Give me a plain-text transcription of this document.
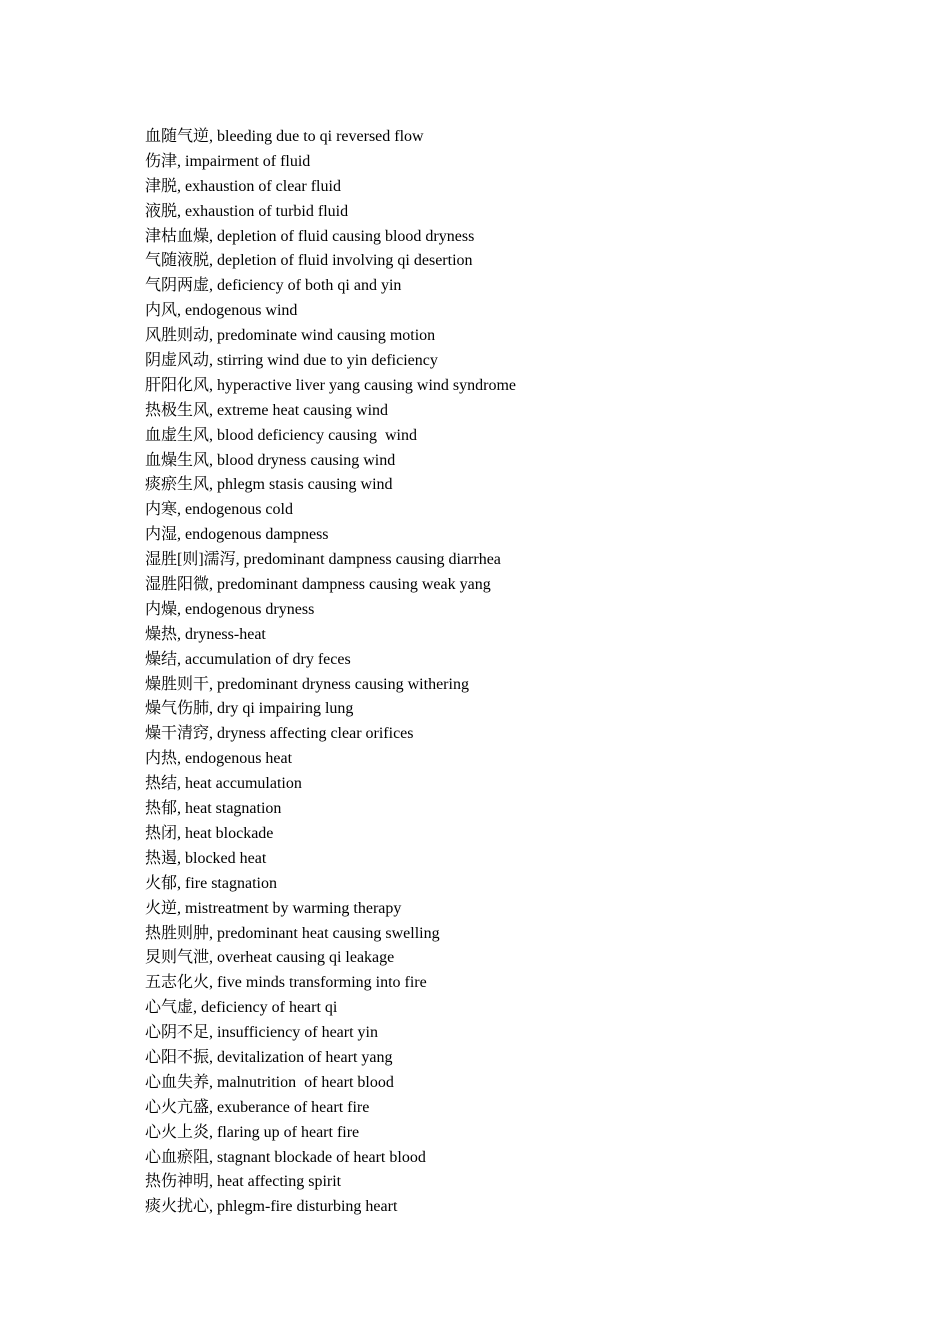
血随气逆, bleeding due to qi reversed flow
伤津, impairment of fluid
津脱, exhaustion of clear fluid
液脱, exhaustion of turbid fluid
津枯血燥, depletion of fluid causing blood dryness
气随液脱, depletion of fluid involving qi desertion
气阴两虚, deficiency of both qi and yin
内风, endogenous wind
风胜则动, predominate wind causing motion
阴虚风动, stirring wind due to yin deficiency
肝阳化风, hyperactive liver yang causing wind syndrome
热极生风, extreme heat causing wind
血虚生风, blood deficiency causing  wind
血燥生风, blood dryness causing wind
痰瘀生风, phlegm stasis causing wind
内寒, endogenous cold
内湿, endogenous dampness
湿胜[则]濡泻, predominant dampness causing diarrhea
湿胜阳微, predominant dampness causing weak yang
内燥, endogenous dryness
燥热, dryness-heat
燥结, accumulation of dry feces
燥胜则干, predominant dryness causing withering
燥气伤肺, dry qi impairing lung
燥干清窍, dryness affecting clear orifices
内热, endogenous heat
热结, heat accumulation
热郁, heat stagnation
热闭, heat blockade
热遏, blocked heat
火郁, fire stagnation
火逆, mistreatment by warming therapy
热胜则肿, predominant heat causing swelling
炅则气泄, overheat causing qi leakage
五志化火, five minds transforming into fire
心气虚, deficiency of heart qi
心阴不足, insufficiency of heart yin
心阳不振, devitalization of heart yang
心血失养, malnutrition  of heart blood
心火亢盛, exuberance of heart fire
心火上炎, flaring up of heart fire
心血瘀阻, stagnant blockade of heart blood
热伤神明, heat affecting spirit
痰火扰心, phlegm-fire disturbing heart
